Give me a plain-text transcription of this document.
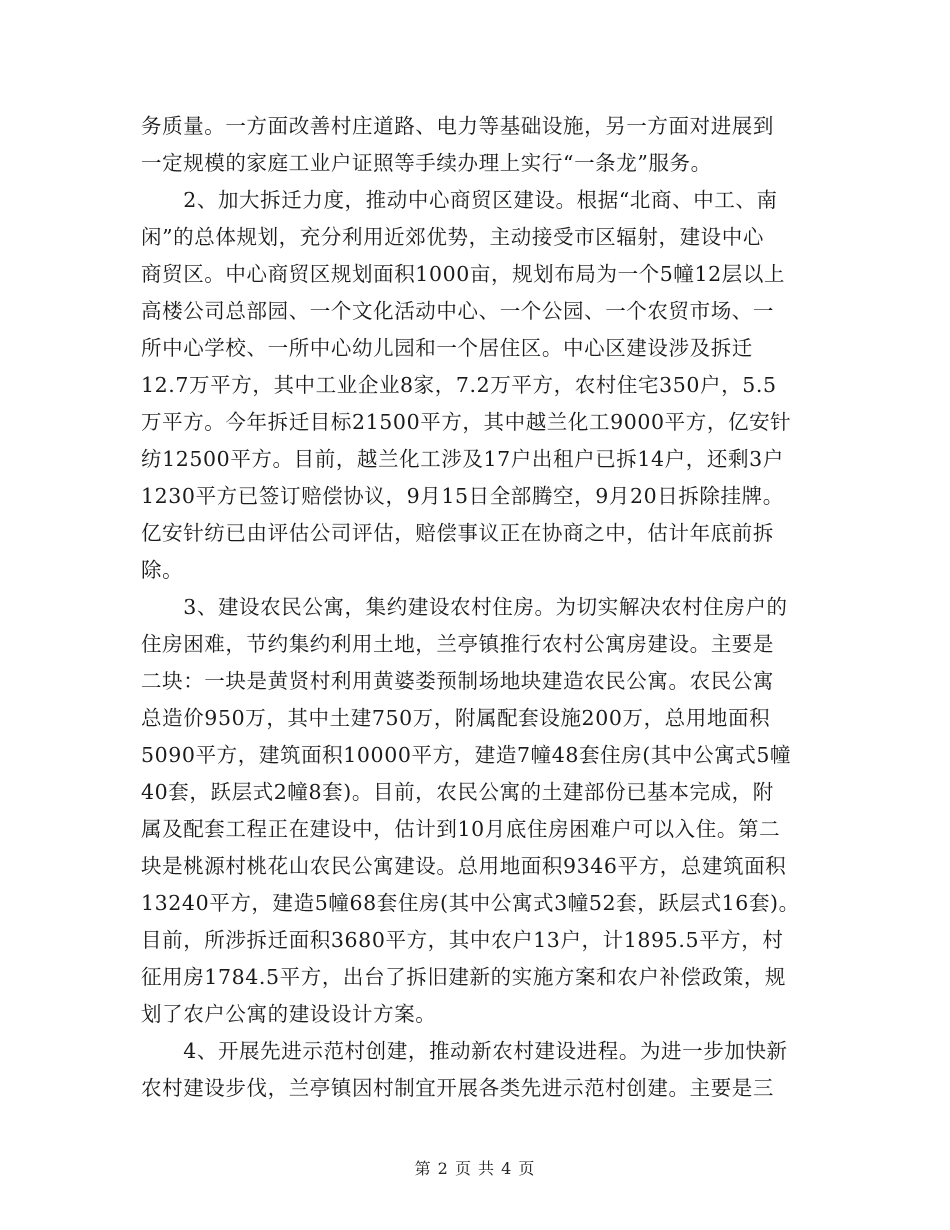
务质量。一方面改善村庄道路、电力等基础设施，另一方面对进展到
一定规模的家庭工业户证照等手续办理上实行“一条龙”服务。
　　2、加大拆迁力度，推动中心商贸区建设。根据“北商、中工、南
闲”的总体规划，充分利用近郊优势，主动接受市区辐射，建设中心
商贸区。中心商贸区规划面积1000亩，规划布局为一个5幢12层以上
高楼公司总部园、一个文化活动中心、一个公园、一个农贸市场、一
所中心学校、一所中心幼儿园和一个居住区。中心区建设涉及拆迁
12.7万平方，其中工业企业8家，7.2万平方，农村住宅350户，5.5
万平方。今年拆迁目标21500平方，其中越兰化工9000平方，亿安针
纺12500平方。目前，越兰化工涉及17户出租户已拆14户，还剩3户
1230平方已签订赔偿协议，9月15日全部腾空，9月20日拆除挂牌。
亿安针纺已由评估公司评估，赔偿事议正在协商之中，估计年底前拆
除。
　　3、建设农民公寓，集约建设农村住房。为切实解决农村住房户的
住房困难，节约集约利用土地，兰亭镇推行农村公寓房建设。主要是
二块：一块是黄贤村利用黄婆娄预制场地块建造农民公寓。农民公寓
总造价950万，其中土建750万，附属配套设施200万，总用地面积
5090平方，建筑面积10000平方，建造7幢48套住房(其中公寓式5幢
40套，跃层式2幢8套)。目前，农民公寓的土建部份已基本完成，附
属及配套工程正在建设中，估计到10月底住房困难户可以入住。第二
块是桃源村桃花山农民公寓建设。总用地面积9346平方，总建筑面积
13240平方，建造5幢68套住房(其中公寓式3幢52套，跃层式16套)。
目前，所涉拆迁面积3680平方，其中农户13户，计1895.5平方，村
征用房1784.5平方，出台了拆旧建新的实施方案和农户补偿政策，规
划了农户公寓的建设设计方案。
　　4、开展先进示范村创建，推动新农村建设进程。为进一步加快新
农村建设步伐，兰亭镇因村制宜开展各类先进示范村创建。主要是三
第 2 页 共 4 页
